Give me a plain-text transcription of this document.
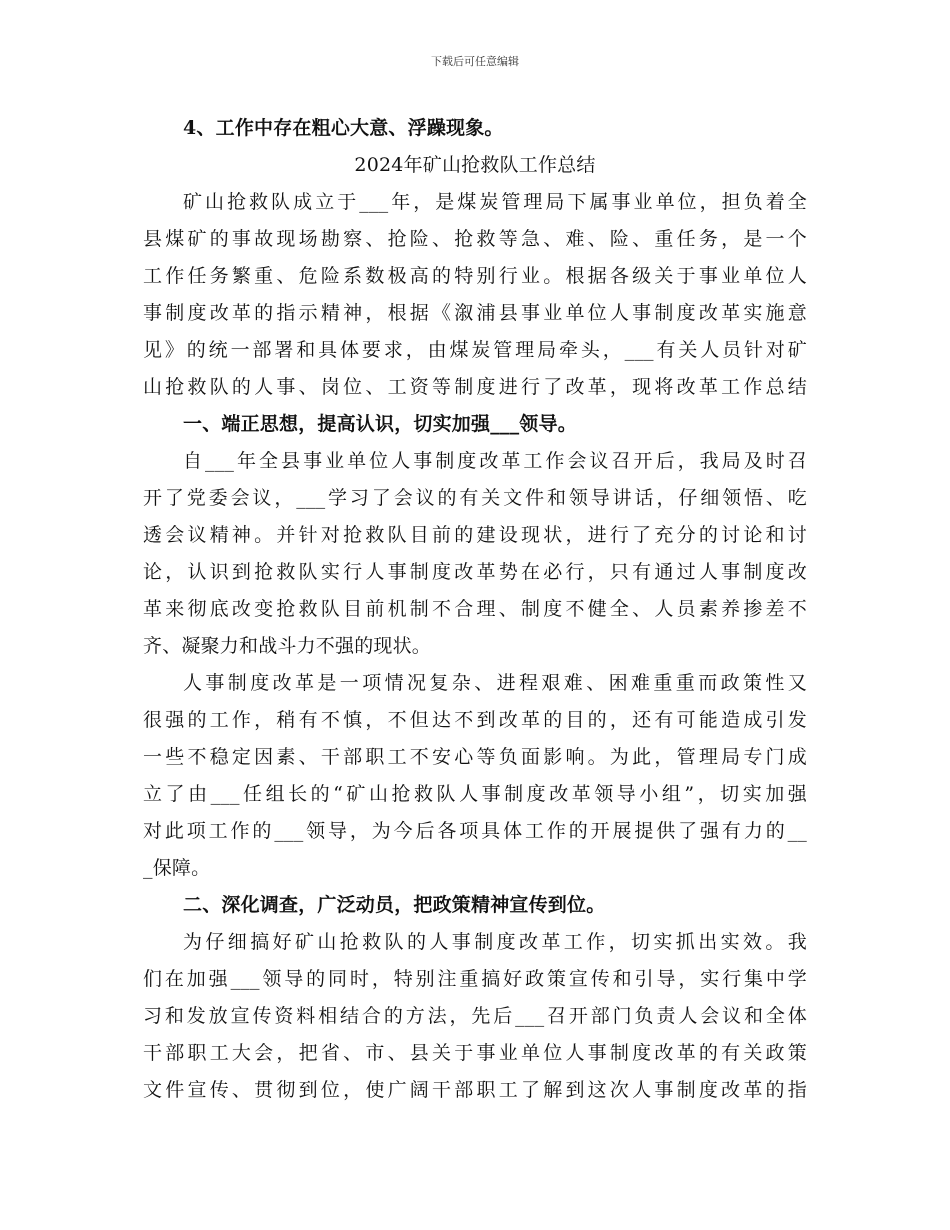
下载后可任意编辑
4、工作中存在粗心大意、浮躁现象。
2024年矿山抢救队工作总结
矿山抢救队成立于___年，是煤炭管理局下属事业单位，担负着全
县煤矿的事故现场勘察、抢险、抢救等急、难、险、重任务，是一个
工作任务繁重、危险系数极高的特别行业。根据各级关于事业单位人
事制度改革的指示精神，根据《溆浦县事业单位人事制度改革实施意
见》的统一部署和具体要求，由煤炭管理局牵头，___有关人员针对矿
山抢救队的人事、岗位、工资等制度进行了改革，现将改革工作总结
一、端正思想，提高认识，切实加强___领导。
自___年全县事业单位人事制度改革工作会议召开后，我局及时召
开了党委会议，___学习了会议的有关文件和领导讲话，仔细领悟、吃
透会议精神。并针对抢救队目前的建设现状，进行了充分的讨论和讨
论，认识到抢救队实行人事制度改革势在必行，只有通过人事制度改
革来彻底改变抢救队目前机制不合理、制度不健全、人员素养掺差不
齐、凝聚力和战斗力不强的现状。
人事制度改革是一项情况复杂、进程艰难、困难重重而政策性又
很强的工作，稍有不慎，不但达不到改革的目的，还有可能造成引发
一些不稳定因素、干部职工不安心等负面影响。为此，管理局专门成
立了由___任组长的“矿山抢救队人事制度改革领导小组”，切实加强
对此项工作的___领导，为今后各项具体工作的开展提供了强有力的__
_保障。
二、深化调查，广泛动员，把政策精神宣传到位。
为仔细搞好矿山抢救队的人事制度改革工作，切实抓出实效。我
们在加强___领导的同时，特别注重搞好政策宣传和引导，实行集中学
习和发放宣传资料相结合的方法，先后___召开部门负责人会议和全体
干部职工大会，把省、市、县关于事业单位人事制度改革的有关政策
文件宣传、贯彻到位，使广阔干部职工了解到这次人事制度改革的指
